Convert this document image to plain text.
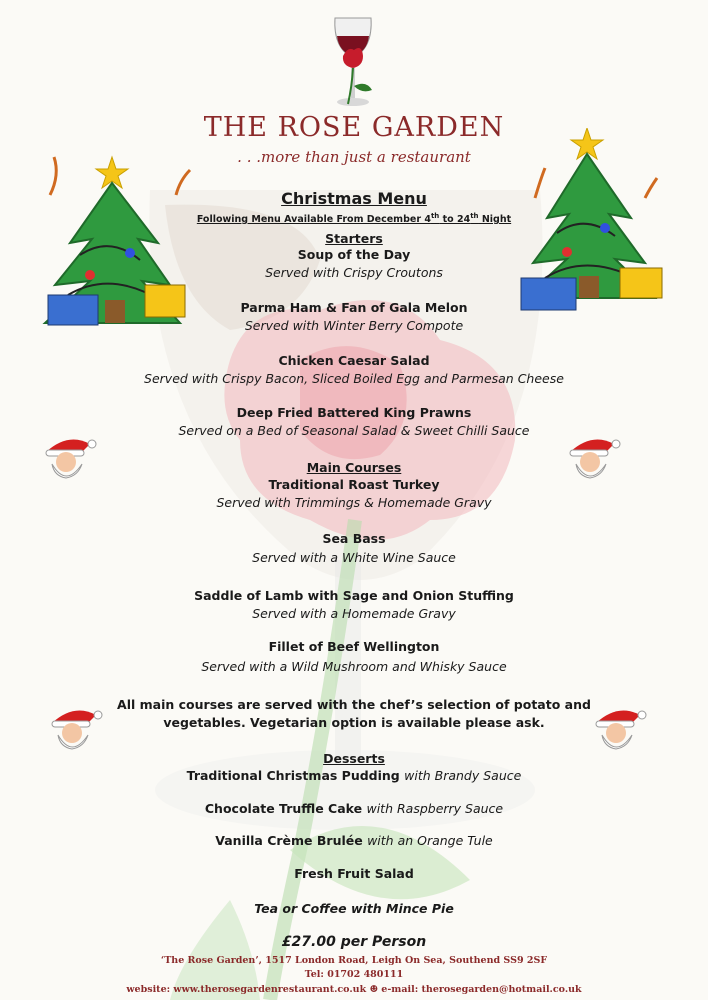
THE ROSE GARDEN
. . .more than just a restaurant
Christmas Menu
Following Menu Available From December 4th to 24th Night
Starters
Soup of the Day
Served with Crispy Croutons
Parma Ham & Fan of Gala Melon
Served with Winter Berry Compote
Chicken Caesar Salad
Served with Crispy Bacon, Sliced Boiled Egg and Parmesan Cheese
Deep Fried Battered King Prawns
Served on a Bed of Seasonal Salad & Sweet Chilli Sauce
Main Courses
Traditional Roast Turkey
Served with Trimmings & Homemade Gravy
Sea Bass
Served with a White Wine Sauce
Saddle of Lamb with Sage and Onion Stuffing
Served with a Homemade Gravy
Fillet of Beef Wellington
Served with a Wild Mushroom and Whisky Sauce
All main courses are served with the chef’s selection of potato and
vegetables. Vegetarian option is available please ask.
Desserts
Traditional Christmas Pudding with Brandy Sauce
Chocolate Truffle Cake with Raspberry Sauce
Vanilla Crème Brulée with an Orange Tule
Fresh Fruit Salad
Tea or Coffee with Mince Pie
£27.00 per Person
‘The Rose Garden’, 1517 London Road, Leigh On Sea, Southend SS9 2SF
Tel: 01702 480111
website: www.therosegardenrestaurant.co.uk ☻ e-mail: therosegarden@hotmail.co.uk
